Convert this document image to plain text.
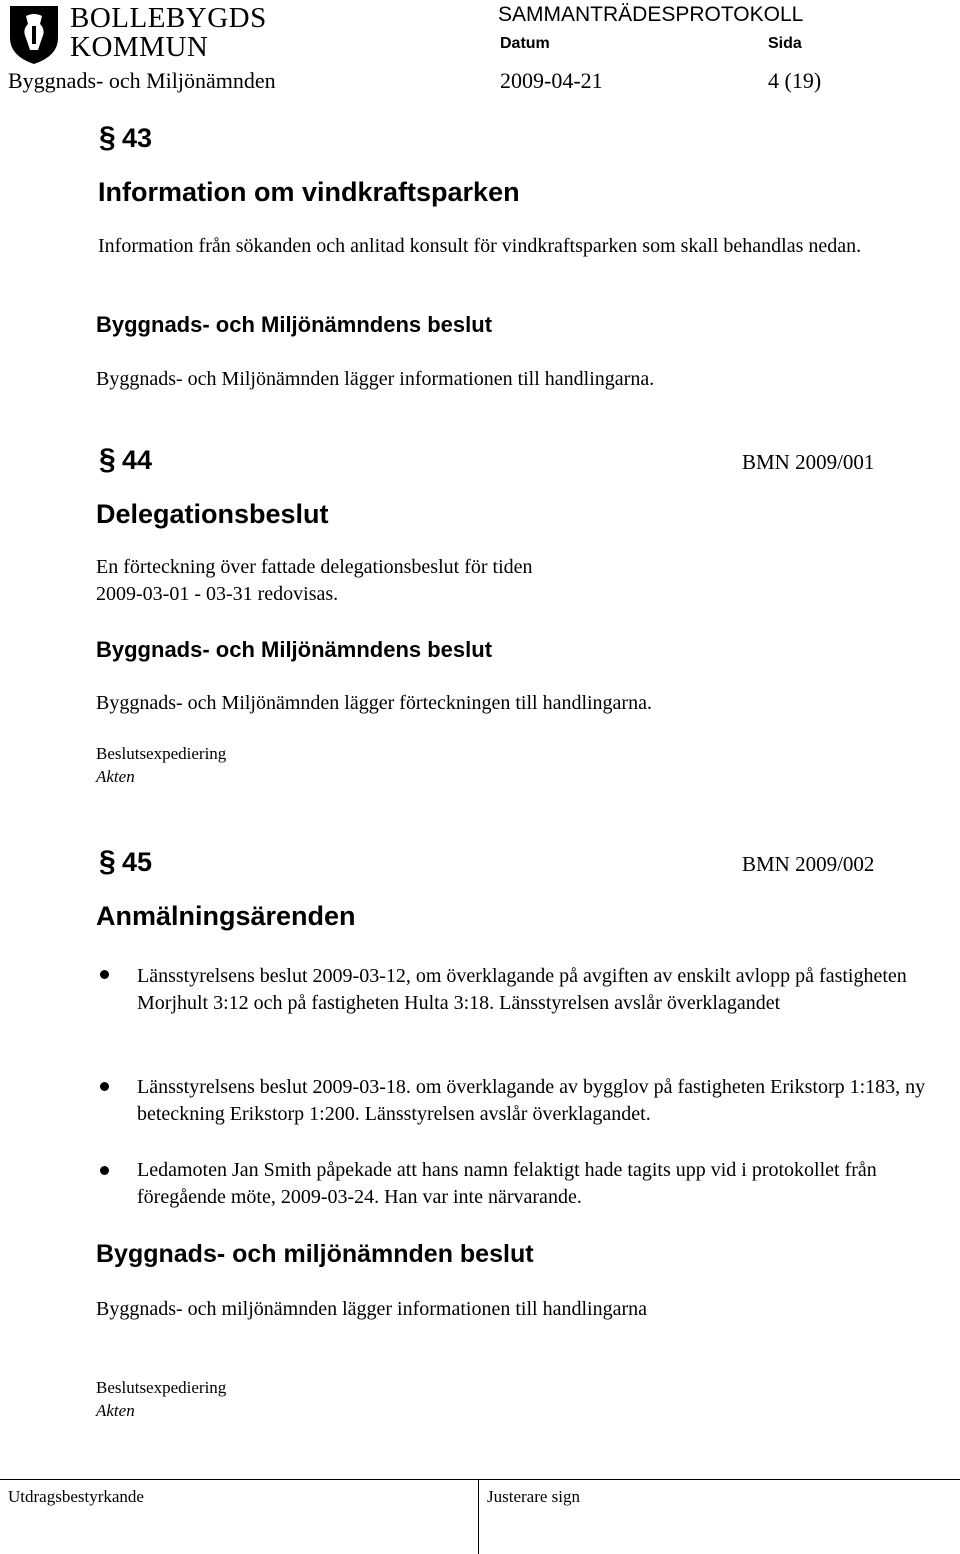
BOLLEBYGDS
KOMMUN
SAMMANTRÄDESPROTOKOLL
Datum	Sida
Byggnads- och Miljönämnden	2009-04-21	4 (19)
§ 43
Information om vindkraftsparken
Information från sökanden och anlitad konsult för vindkraftsparken som skall behandlas nedan.
Byggnads- och Miljönämndens beslut
Byggnads- och Miljönämnden lägger informationen till handlingarna.
§ 44	BMN 2009/001
Delegationsbeslut
En förteckning över fattade delegationsbeslut för tiden
2009-03-01 - 03-31 redovisas.
Byggnads- och Miljönämndens beslut
Byggnads- och Miljönämnden lägger förteckningen till handlingarna.
Beslutsexpediering
Akten
§ 45	BMN 2009/002
Anmälningsärenden
Länsstyrelsens beslut 2009-03-12, om överklagande på avgiften av enskilt avlopp på fastigheten Morjhult 3:12 och på fastigheten Hulta 3:18. Länsstyrelsen avslår överklagandet
Länsstyrelsens beslut 2009-03-18. om överklagande av bygglov på fastigheten Erikstorp 1:183, ny beteckning Erikstorp 1:200. Länsstyrelsen avslår överklagandet.
Ledamoten Jan Smith påpekade att hans namn felaktigt hade tagits upp vid i protokollet från föregående möte, 2009-03-24. Han var inte närvarande.
Byggnads- och miljönämnden beslut
Byggnads- och miljönämnden lägger informationen till handlingarna
Beslutsexpediering
Akten
Utdragsbestyrkande	Justerare sign
